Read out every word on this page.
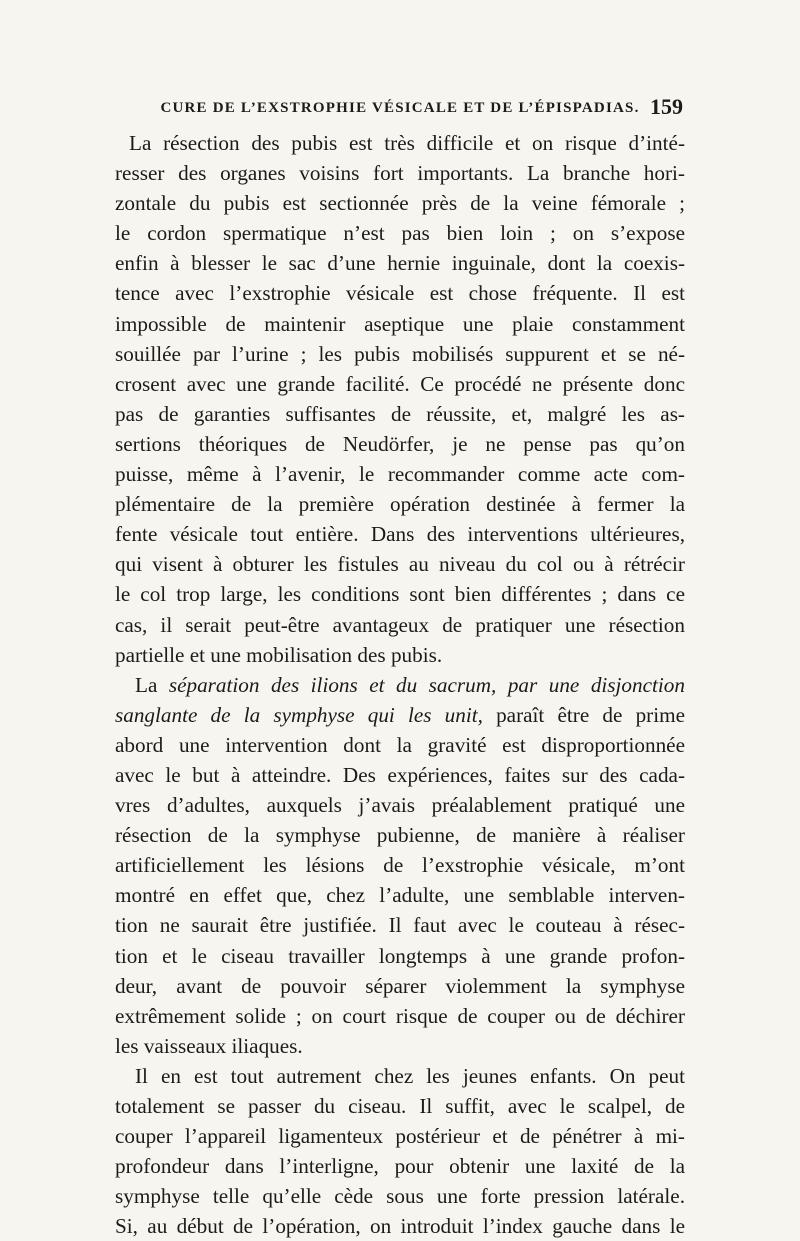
CURE DE L’EXSTROPHIE VÉSICALE ET DE L’ÉPISPADIAS. 159
La résection des pubis est très difficile et on risque d’inté-
resser des organes voisins fort importants. La branche hori-
zontale du pubis est sectionnée près de la veine fémorale ;
le cordon spermatique n’est pas bien loin ; on s’expose
enfin à blesser le sac d’une hernie inguinale, dont la coexis-
tence avec l’exstrophie vésicale est chose fréquente. Il est
impossible de maintenir aseptique une plaie constamment
souillée par l’urine ; les pubis mobilisés suppurent et se né-
crosent avec une grande facilité. Ce procédé ne présente donc
pas de garanties suffisantes de réussite, et, malgré les as-
sertions théoriques de Neudörfer, je ne pense pas qu’on
puisse, même à l’avenir, le recommander comme acte com-
plémentaire de la première opération destinée à fermer la
fente vésicale tout entière. Dans des interventions ultérieures,
qui visent à obturer les fistules au niveau du col ou à rétrécir
le col trop large, les conditions sont bien différentes ; dans ce
cas, il serait peut-être avantageux de pratiquer une résection
partielle et une mobilisation des pubis.
La séparation des ilions et du sacrum, par une disjonction
sanglante de la symphyse qui les unit, paraît être de prime
abord une intervention dont la gravité est disproportionnée
avec le but à atteindre. Des expériences, faites sur des cada-
vres d’adultes, auxquels j’avais préalablement pratiqué une
résection de la symphyse pubienne, de manière à réaliser
artificiellement les lésions de l’exstrophie vésicale, m’ont
montré en effet que, chez l’adulte, une semblable interven-
tion ne saurait être justifiée. Il faut avec le couteau à résec-
tion et le ciseau travailler longtemps à une grande profon-
deur, avant de pouvoir séparer violemment la symphyse
extrêmement solide ; on court risque de couper ou de déchirer
les vaisseaux iliaques.
Il en est tout autrement chez les jeunes enfants. On peut
totalement se passer du ciseau. Il suffit, avec le scalpel, de
couper l’appareil ligamenteux postérieur et de pénétrer à mi-
profondeur dans l’interligne, pour obtenir une laxité de la
symphyse telle qu’elle cède sous une forte pression latérale.
Si, au début de l’opération, on introduit l’index gauche dans le
